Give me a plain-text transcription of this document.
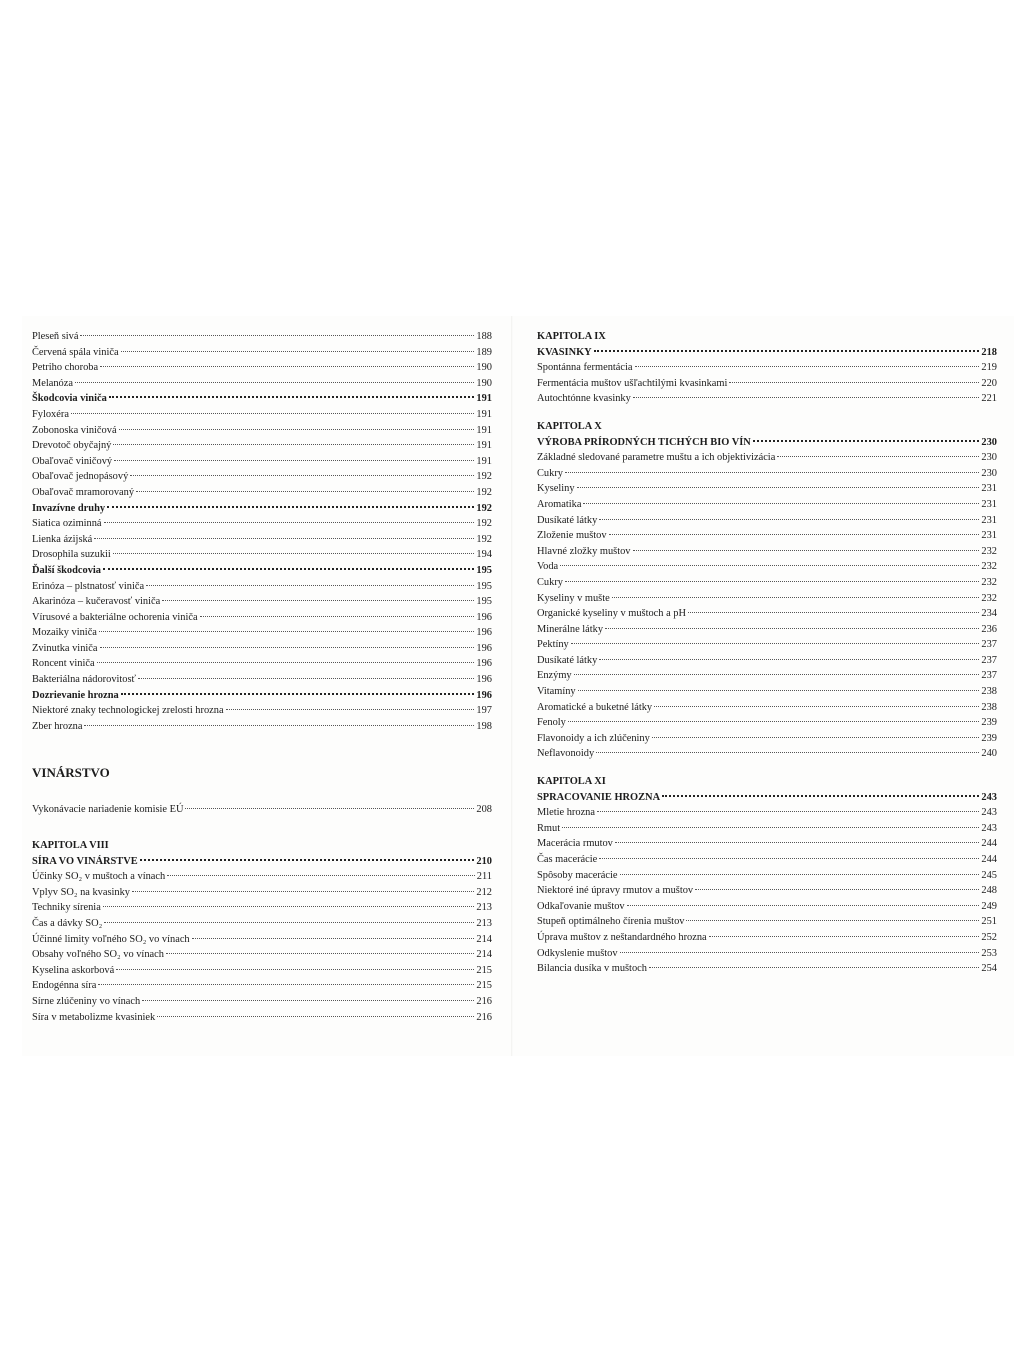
Pleseň sivá	188
Červená spála viniča	189
Petriho choroba	190
Melanóza	190
Škodcovia viniča	191
Fyloxéra	191
Zobonoska viničová	191
Drevotoč obyčajný	191
Obaľovač viničový	191
Obaľovač jednopásový	192
Obaľovač mramorovaný	192
Invazívne druhy	192
Siatica oziminná	192
Lienka ázijská	192
Drosophila suzukii	194
Ďalší škodcovia	195
Erinóza – plstnatosť viniča	195
Akarinóza – kučeravosť viniča	195
Vírusové a bakteriálne ochorenia viniča	196
Mozaiky viniča	196
Zvinutka viniča	196
Roncent viniča	196
Bakteriálna nádorovitosť	196
Dozrievanie hrozna	196
Niektoré znaky technologickej zrelosti hrozna	197
Zber hrozna	198
VINÁRSTVO
Vykonávacie nariadenie komisie EÚ	208
KAPITOLA VIII
SÍRA VO VINÁRSTVE	210
Účinky SO₂ v muštoch a vínach	211
Vplyv SO₂ na kvasinky	212
Techniky sírenia	213
Čas a dávky SO₂	213
Účinné limity voľného SO₂ vo vínach	214
Obsahy voľného SO₂ vo vínach	214
Kyselina askorbová	215
Endogénna síra	215
Sírne zlúčeniny vo vínach	216
Síra v metabolizme kvasiniek	216
KAPITOLA IX
KVASINKY	218
Spontánna fermentácia	219
Fermentácia muštov ušľachtilými kvasinkami	220
Autochtónne kvasinky	221
KAPITOLA X
VÝROBA PRÍRODNÝCH TICHÝCH BIO VÍN	230
Základné sledované parametre muštu a ich objektivizácia	230
Cukry	230
Kyseliny	231
Aromatika	231
Dusíkaté látky	231
Zloženie muštov	231
Hlavné zložky muštov	232
Voda	232
Cukry	232
Kyseliny v mušte	232
Organické kyseliny v muštoch a pH	234
Minerálne látky	236
Pektíny	237
Dusíkaté látky	237
Enzýmy	237
Vitamíny	238
Aromatické a buketné látky	238
Fenoly	239
Flavonoidy a ich zlúčeniny	239
Neflavonoidy	240
KAPITOLA XI
SPRACOVANIE HROZNA	243
Mletie hrozna	243
Rmut	243
Macerácia rmutov	244
Čas macerácie	244
Spôsoby macerácie	245
Niektoré iné úpravy rmutov a muštov	248
Odkaľovanie muštov	249
Stupeň optimálneho čírenia muštov	251
Úprava muštov z neštandardného hrozna	252
Odkyslenie muštov	253
Bilancia dusíka v muštoch	254
